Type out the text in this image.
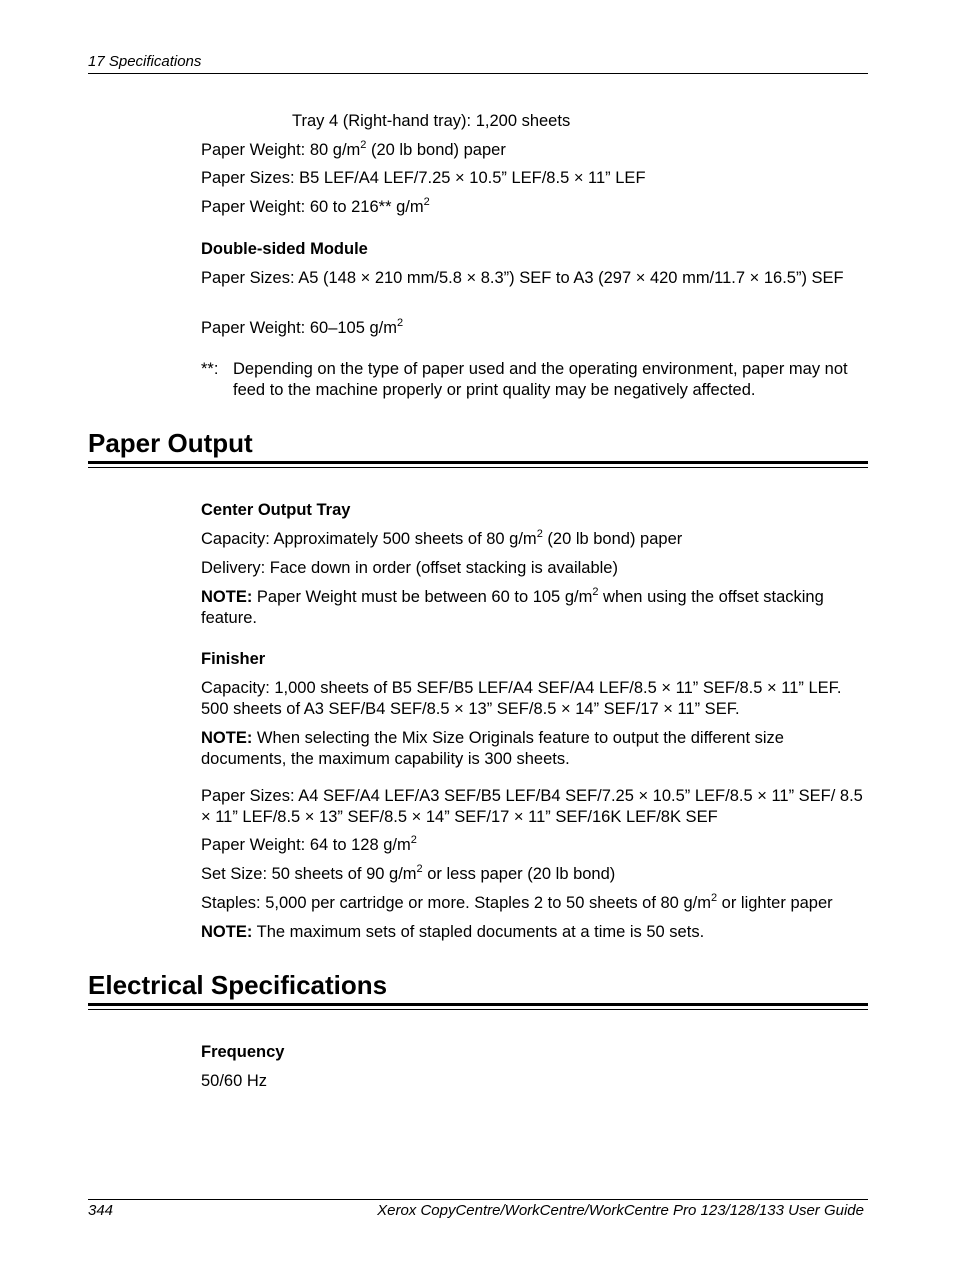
17 Specifications
Tray 4 (Right-hand tray): 1,200 sheets
Paper Weight: 80 $g/m^2$ (20 lb bond) paper
Paper Sizes: B5 LEF/A4 LEF/7.25 × 10.5” LEF/8.5 × 11” LEF
Paper Weight: 60 to 216** $g/m^2$
Double-sided Module
Paper Sizes: A5 (148 × 210 mm/5.8 × 8.3”) SEF to A3 (297 × 420 mm/11.7 × 16.5”) SEF
Paper Weight: 60–105 $g/m^2$
**: Depending on the type of paper used and the operating environment, paper may not feed to the machine properly or print quality may be negatively affected.
Paper Output
Center Output Tray
Capacity: Approximately 500 sheets of 80 $g/m^2$ (20 lb bond) paper
Delivery: Face down in order (offset stacking is available)
NOTE: Paper Weight must be between 60 to 105 $g/m^2$ when using the offset stacking feature.
Finisher
Capacity: 1,000 sheets of B5 SEF/B5 LEF/A4 SEF/A4 LEF/8.5 × 11” SEF/8.5 × 11” LEF. 500 sheets of A3 SEF/B4 SEF/8.5 × 13” SEF/8.5 × 14” SEF/17 × 11” SEF.
NOTE: When selecting the Mix Size Originals feature to output the different size documents, the maximum capability is 300 sheets.
Paper Sizes: A4 SEF/A4 LEF/A3 SEF/B5 LEF/B4 SEF/7.25 × 10.5” LEF/8.5 × 11” SEF/ 8.5 × 11” LEF/8.5 × 13” SEF/8.5 × 14” SEF/17 × 11” SEF/16K LEF/8K SEF
Paper Weight: 64 to 128 $g/m^2$
Set Size: 50 sheets of 90 $g/m^2$ or less paper (20 lb bond)
Staples: 5,000 per cartridge or more. Staples 2 to 50 sheets of 80 $g/m^2$ or lighter paper
NOTE: The maximum sets of stapled documents at a time is 50 sets.
Electrical Specifications
Frequency
50/60 Hz
344	Xerox CopyCentre/WorkCentre/WorkCentre Pro 123/128/133 User Guide
